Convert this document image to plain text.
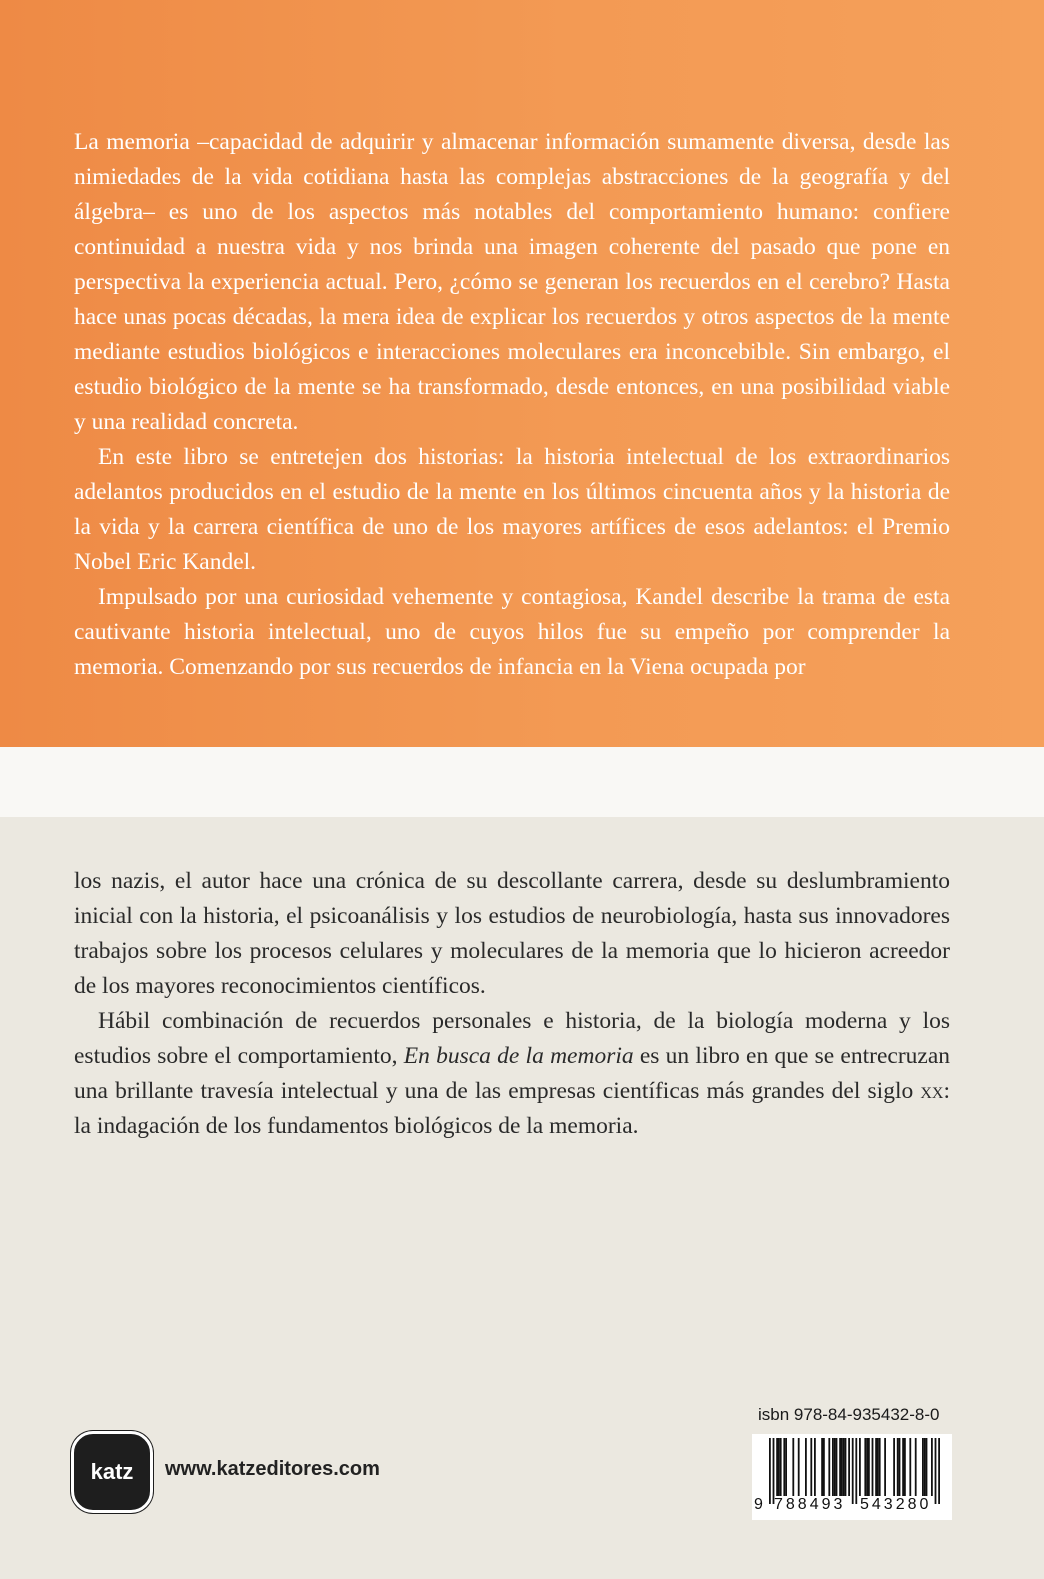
La memoria –capacidad de adquirir y almacenar información sumamente diversa, desde las nimiedades de la vida cotidiana hasta las complejas abstracciones de la geografía y del álgebra– es uno de los aspectos más notables del comportamiento humano: confiere continuidad a nuestra vida y nos brinda una imagen coherente del pasado que pone en perspectiva la experiencia actual. Pero, ¿cómo se generan los recuerdos en el cerebro? Hasta hace unas pocas décadas, la mera idea de explicar los recuerdos y otros aspectos de la mente mediante estudios biológicos e interacciones moleculares era inconcebible. Sin embargo, el estudio biológico de la mente se ha transformado, desde entonces, en una posibilidad viable y una realidad concreta.

En este libro se entretejen dos historias: la historia intelectual de los extraordinarios adelantos producidos en el estudio de la mente en los últimos cincuenta años y la historia de la vida y la carrera científica de uno de los mayores artífices de esos adelantos: el Premio Nobel Eric Kandel.

Impulsado por una curiosidad vehemente y contagiosa, Kandel describe la trama de esta cautivante historia intelectual, uno de cuyos hilos fue su empeño por comprender la memoria. Comenzando por sus recuerdos de infancia en la Viena ocupada por

los nazis, el autor hace una crónica de su descollante carrera, desde su deslumbramiento inicial con la historia, el psicoanálisis y los estudios de neurobiología, hasta sus innovadores trabajos sobre los procesos celulares y moleculares de la memoria que lo hicieron acreedor de los mayores reconocimientos científicos.

Hábil combinación de recuerdos personales e historia, de la biología moderna y los estudios sobre el comportamiento, En busca de la memoria es un libro en que se entrecruzan una brillante travesía intelectual y una de las empresas científicas más grandes del siglo xx: la indagación de los fundamentos biológicos de la memoria.

katz www.katzeditores.com
isbn 978-84-935432-8-0
9 788493 543280
